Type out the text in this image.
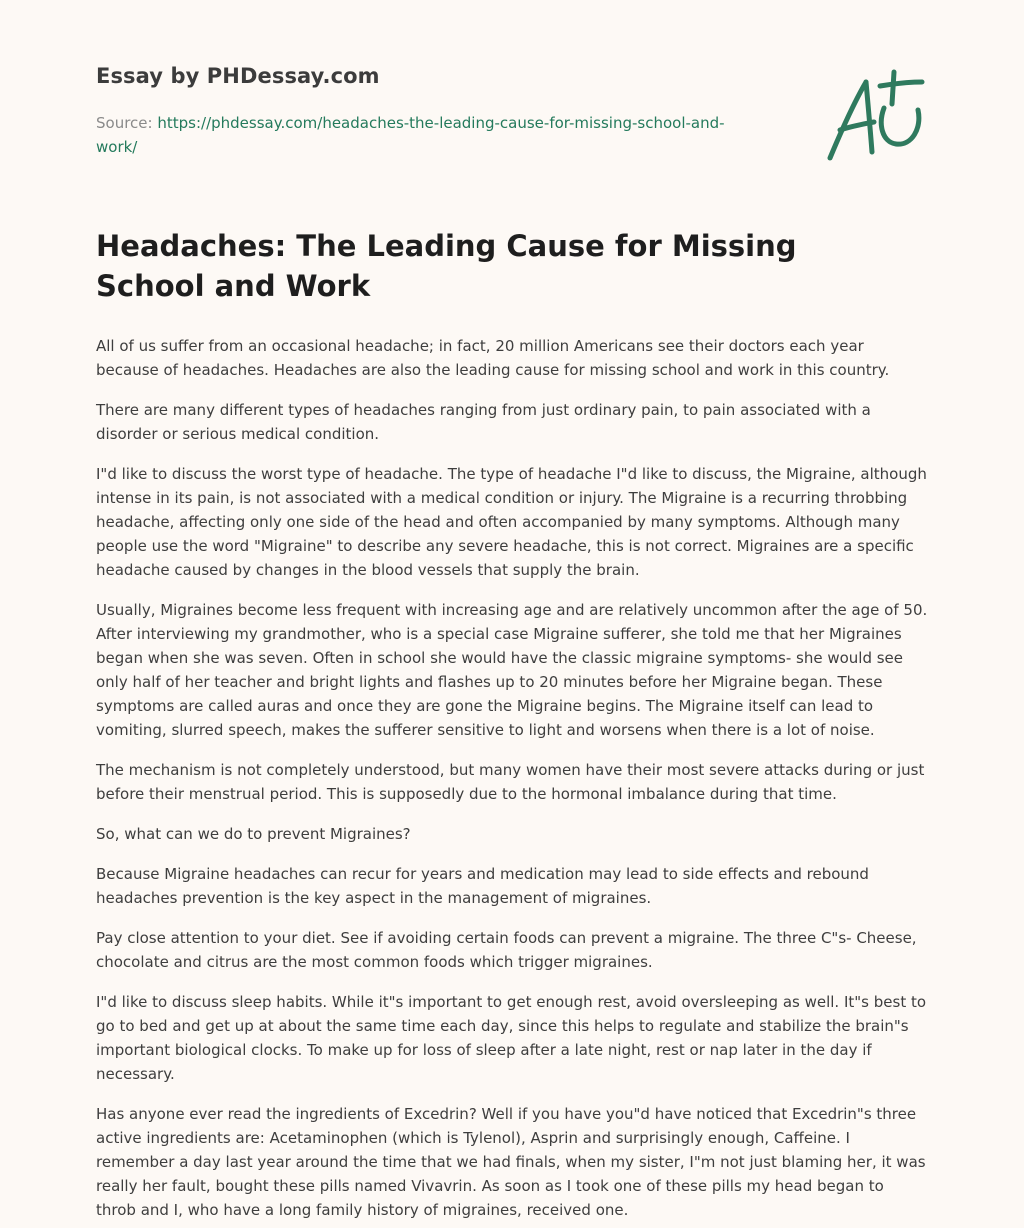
Essay by PHDessay.com
Source: https://phdessay.com/headaches-the-leading-cause-for-missing-school-and-work/
Headaches: The Leading Cause for Missing School and Work

All of us suffer from an occasional headache; in fact, 20 million Americans see their doctors each year because of headaches. Headaches are also the leading cause for missing school and work in this country.

There are many different types of headaches ranging from just ordinary pain, to pain associated with a disorder or serious medical condition.

I"d like to discuss the worst type of headache. The type of headache I"d like to discuss, the Migraine, although intense in its pain, is not associated with a medical condition or injury. The Migraine is a recurring throbbing headache, affecting only one side of the head and often accompanied by many symptoms. Although many people use the word "Migraine" to describe any severe headache, this is not correct. Migraines are a specific headache caused by changes in the blood vessels that supply the brain.

Usually, Migraines become less frequent with increasing age and are relatively uncommon after the age of 50. After interviewing my grandmother, who is a special case Migraine sufferer, she told me that her Migraines began when she was seven. Often in school she would have the classic migraine symptoms- she would see only half of her teacher and bright lights and flashes up to 20 minutes before her Migraine began. These symptoms are called auras and once they are gone the Migraine begins. The Migraine itself can lead to vomiting, slurred speech, makes the sufferer sensitive to light and worsens when there is a lot of noise.

The mechanism is not completely understood, but many women have their most severe attacks during or just before their menstrual period. This is supposedly due to the hormonal imbalance during that time.

So, what can we do to prevent Migraines?

Because Migraine headaches can recur for years and medication may lead to side effects and rebound headaches prevention is the key aspect in the management of migraines.

Pay close attention to your diet. See if avoiding certain foods can prevent a migraine. The three C"s- Cheese, chocolate and citrus are the most common foods which trigger migraines.

I"d like to discuss sleep habits. While it"s important to get enough rest, avoid oversleeping as well. It"s best to go to bed and get up at about the same time each day, since this helps to regulate and stabilize the brain"s important biological clocks. To make up for loss of sleep after a late night, rest or nap later in the day if necessary.

Has anyone ever read the ingredients of Excedrin? Well if you have you"d have noticed that Excedrin"s three active ingredients are: Acetaminophen (which is Tylenol), Asprin and surprisingly enough, Caffeine. I remember a day last year around the time that we had finals, when my sister, I"m not just blaming her, it was really her fault, bought these pills named Vivavrin. As soon as I took one of these pills my head began to throb and I, who have a long family history of migraines, received one.
